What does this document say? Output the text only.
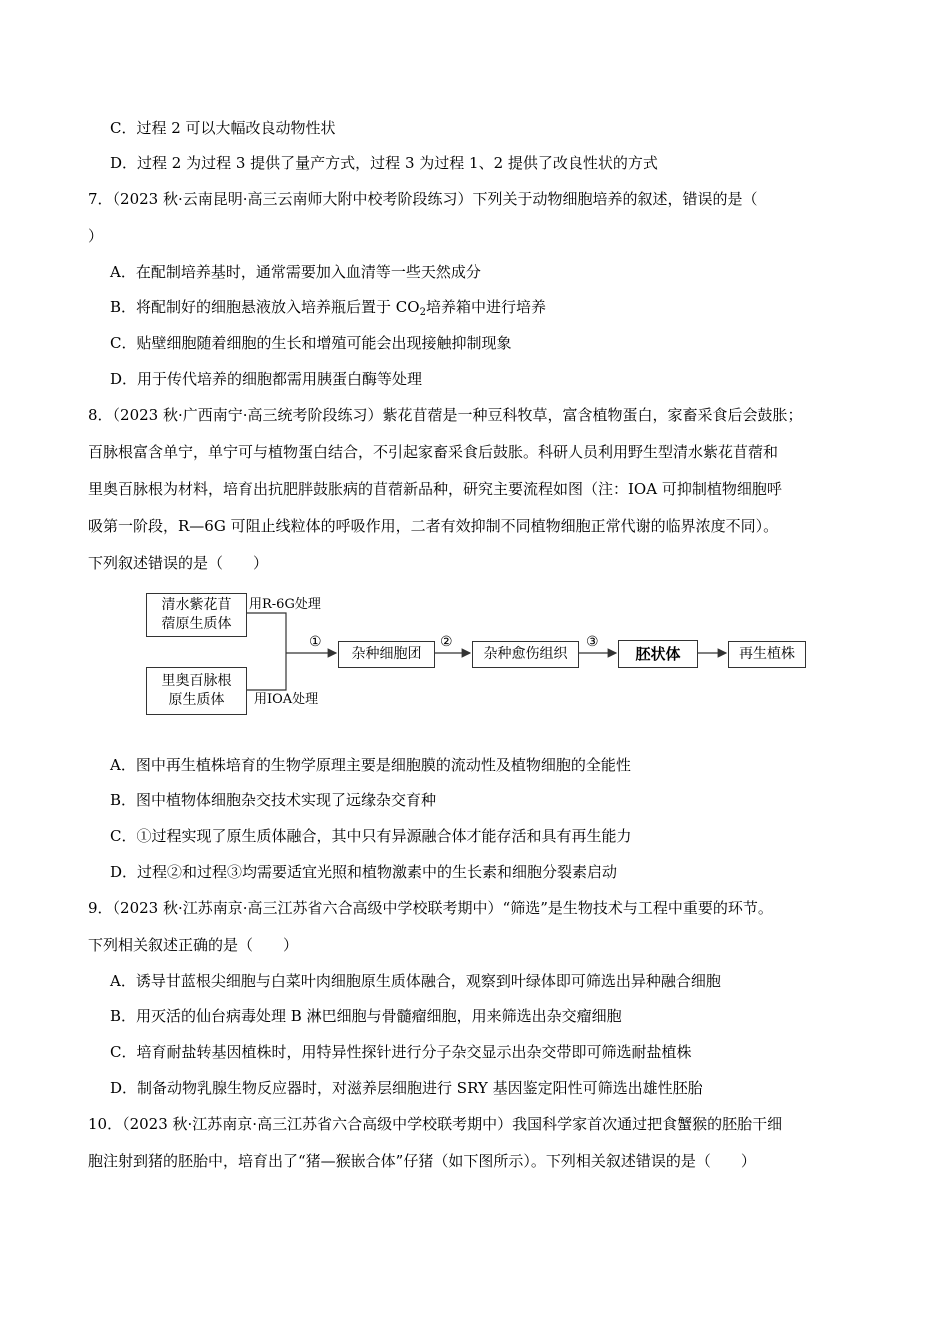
C．过程 2 可以大幅改良动物性状
D．过程 2 为过程 3 提供了量产方式，过程 3 为过程 1、2 提供了改良性状的方式
7．（2023 秋·云南昆明·高三云南师大附中校考阶段练习）下列关于动物细胞培养的叙述，错误的是（
）
A．在配制培养基时，通常需要加入血清等一些天然成分
B．将配制好的细胞悬液放入培养瓶后置于 $CO_2$培养箱中进行培养
C．贴壁细胞随着细胞的生长和增殖可能会出现接触抑制现象
D．用于传代培养的细胞都需用胰蛋白酶等处理
8．（2023 秋·广西南宁·高三统考阶段练习）紫花苜蓿是一种豆科牧草，富含植物蛋白，家畜采食后会鼓胀；
百脉根富含单宁，单宁可与植物蛋白结合，不引起家畜采食后鼓胀。科研人员利用野生型清水紫花苜蓿和
里奥百脉根为材料，培育出抗肥胖鼓胀病的苜蓿新品种，研究主要流程如图（注：IOA 可抑制植物细胞呼
吸第一阶段，R—6G 可阻止线粒体的呼吸作用，二者有效抑制不同植物细胞正常代谢的临界浓度不同）。
下列叙述错误的是（　　）
清水紫花苜
蓿原生质体
里奥百脉根
原生质体
用R-6G处理
用IOA处理
①	②	③
杂种细胞团	杂种愈伤组织	胚状体	再生植株
A．图中再生植株培育的生物学原理主要是细胞膜的流动性及植物细胞的全能性
B．图中植物体细胞杂交技术实现了远缘杂交育种
C．①过程实现了原生质体融合，其中只有异源融合体才能存活和具有再生能力
D．过程②和过程③均需要适宜光照和植物激素中的生长素和细胞分裂素启动
9．（2023 秋·江苏南京·高三江苏省六合高级中学校联考期中）“筛选”是生物技术与工程中重要的环节。
下列相关叙述正确的是（　　）
A．诱导甘蓝根尖细胞与白菜叶肉细胞原生质体融合，观察到叶绿体即可筛选出异种融合细胞
B．用灭活的仙台病毒处理 B 淋巴细胞与骨髓瘤细胞，用来筛选出杂交瘤细胞
C．培育耐盐转基因植株时，用特异性探针进行分子杂交显示出杂交带即可筛选耐盐植株
D．制备动物乳腺生物反应器时，对滋养层细胞进行 SRY 基因鉴定阳性可筛选出雄性胚胎
10．（2023 秋·江苏南京·高三江苏省六合高级中学校联考期中）我国科学家首次通过把食蟹猴的胚胎干细
胞注射到猪的胚胎中，培育出了“猪—猴嵌合体”仔猪（如下图所示）。下列相关叙述错误的是（　　）
